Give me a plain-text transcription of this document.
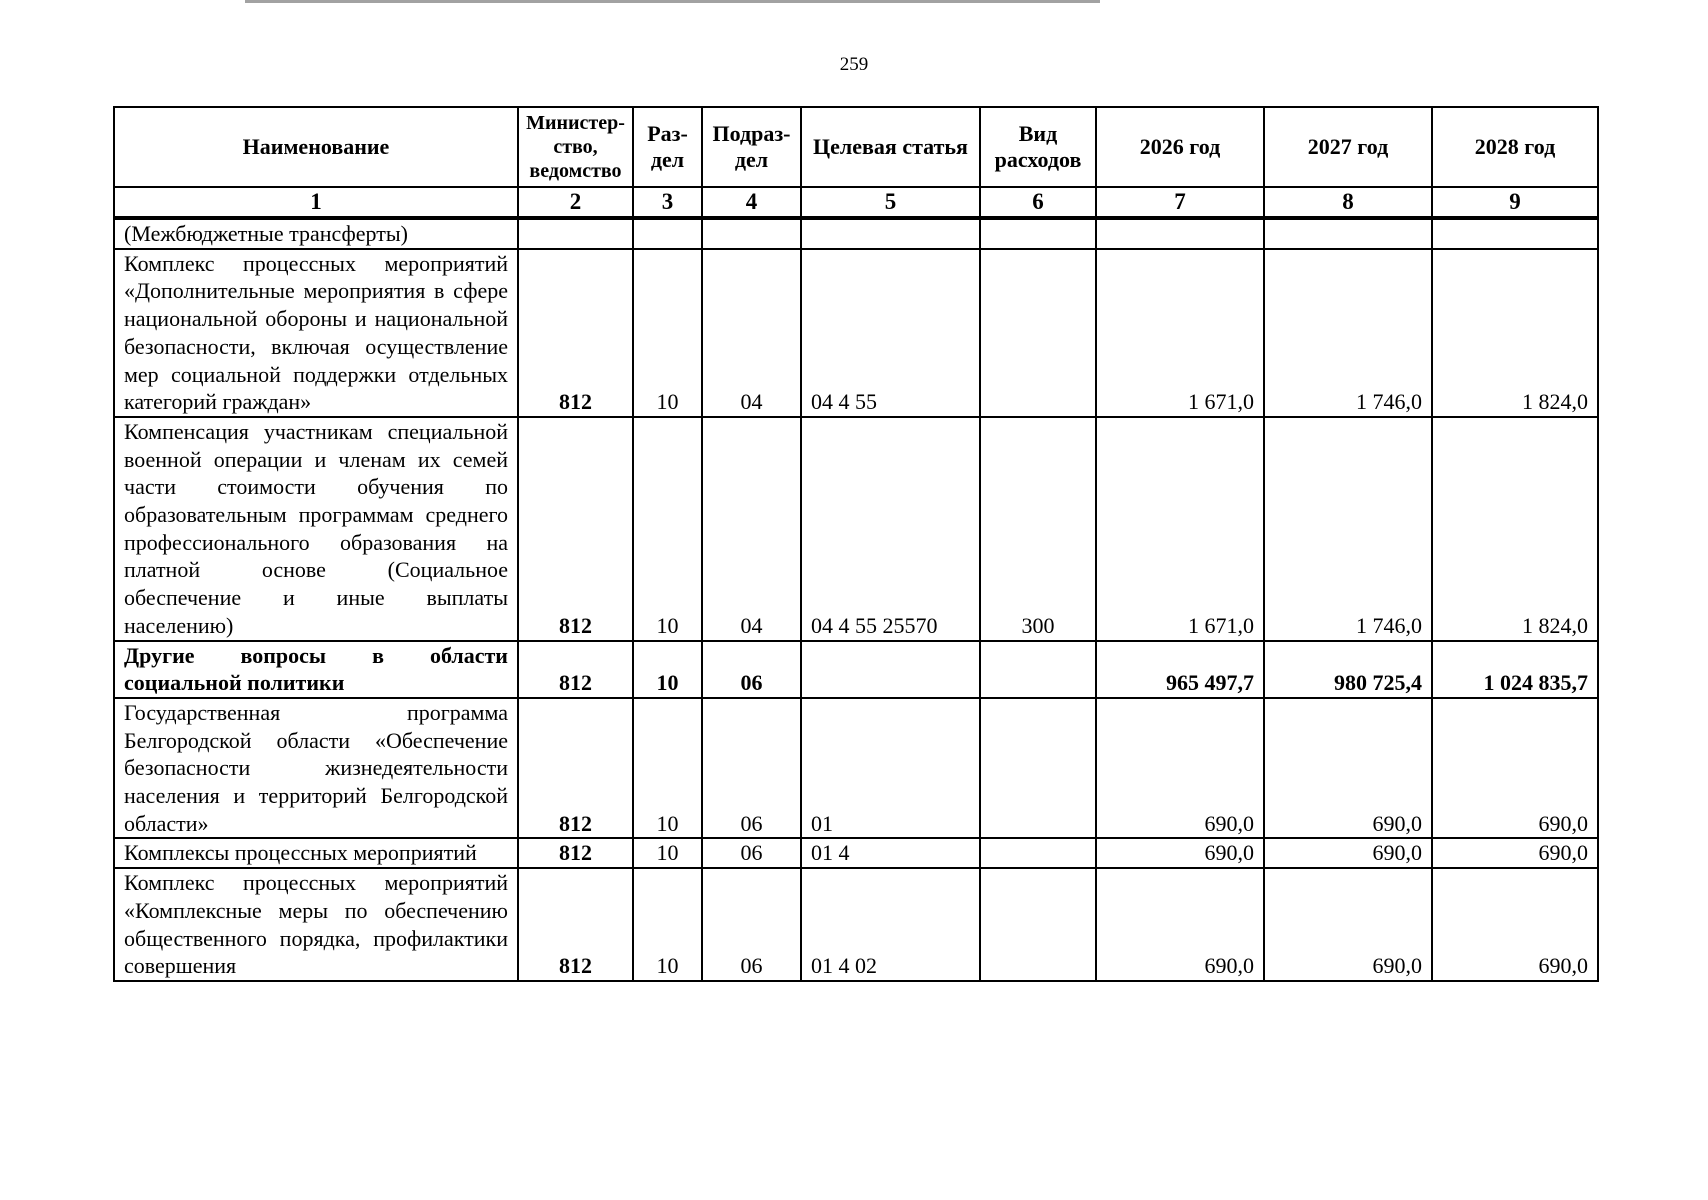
259
Наименование	Министер-ство, ведомство	Раз-дел	Подраз-дел	Целевая статья	Вид расходов	2026 год	2027 год	2028 год
1	2	3	4	5	6	7	8	9
(Межбюджетные трансферты)								
Комплекс процессных мероприятий «Дополнительные мероприятия в сфере национальной обороны и национальной безопасности, включая осуществление мер социальной поддержки отдельных категорий граждан»	812	10	04	04 4 55		1 671,0	1 746,0	1 824,0
Компенсация участникам специальной военной операции и членам их семей части стоимости обучения по образовательным программам среднего профессионального образования на платной основе (Социальное обеспечение и иные выплаты населению)	812	10	04	04 4 55 25570	300	1 671,0	1 746,0	1 824,0
Другие вопросы в области социальной политики	812	10	06			965 497,7	980 725,4	1 024 835,7
Государственная программа Белгородской области «Обеспечение безопасности жизнедеятельности населения и территорий Белгородской области»	812	10	06	01		690,0	690,0	690,0
Комплексы процессных мероприятий	812	10	06	01 4		690,0	690,0	690,0
Комплекс процессных мероприятий «Комплексные меры по обеспечению общественного порядка, профилактики совершения	812	10	06	01 4 02		690,0	690,0	690,0
